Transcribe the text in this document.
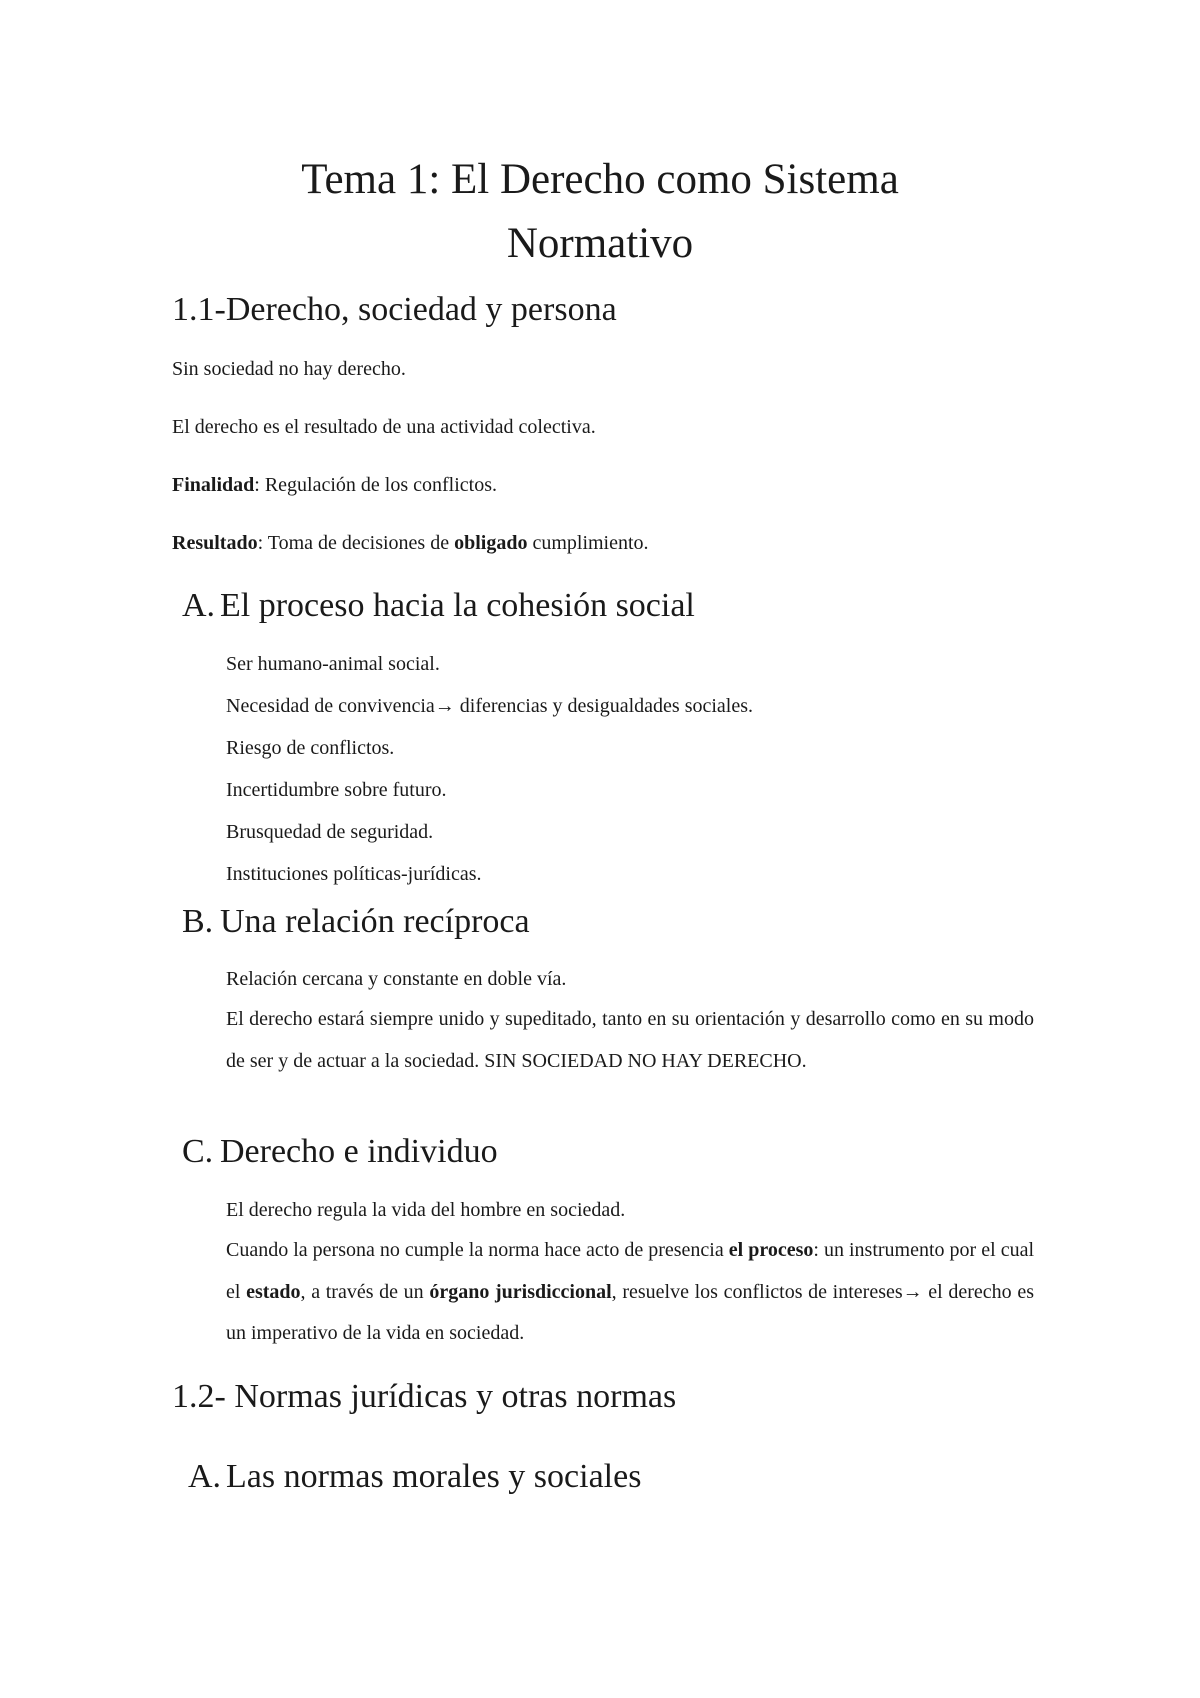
Tema 1: El Derecho como Sistema
Normativo
1.1-Derecho, sociedad y persona

Sin sociedad no hay derecho.

El derecho es el resultado de una actividad colectiva.

Finalidad: Regulación de los conflictos.

Resultado: Toma de decisiones de obligado cumplimiento.

A. El proceso hacia la cohesión social

Ser humano-animal social.

Necesidad de convivencia→ diferencias y desigualdades sociales.

Riesgo de conflictos.

Incertidumbre sobre futuro.

Brusquedad de seguridad.

Instituciones políticas-jurídicas.

B. Una relación recíproca

Relación cercana y constante en doble vía.

El derecho estará siempre unido y supeditado, tanto en su orientación y desarrollo como en su modo de ser y de actuar a la sociedad. SIN SOCIEDAD NO HAY DERECHO.

C. Derecho e individuo

El derecho regula la vida del hombre en sociedad.

Cuando la persona no cumple la norma hace acto de presencia el proceso: un instrumento por el cual el estado, a través de un órgano jurisdiccional, resuelve los conflictos de intereses→ el derecho es un imperativo de la vida en sociedad.

1.2- Normas jurídicas y otras normas
A. Las normas morales y sociales
